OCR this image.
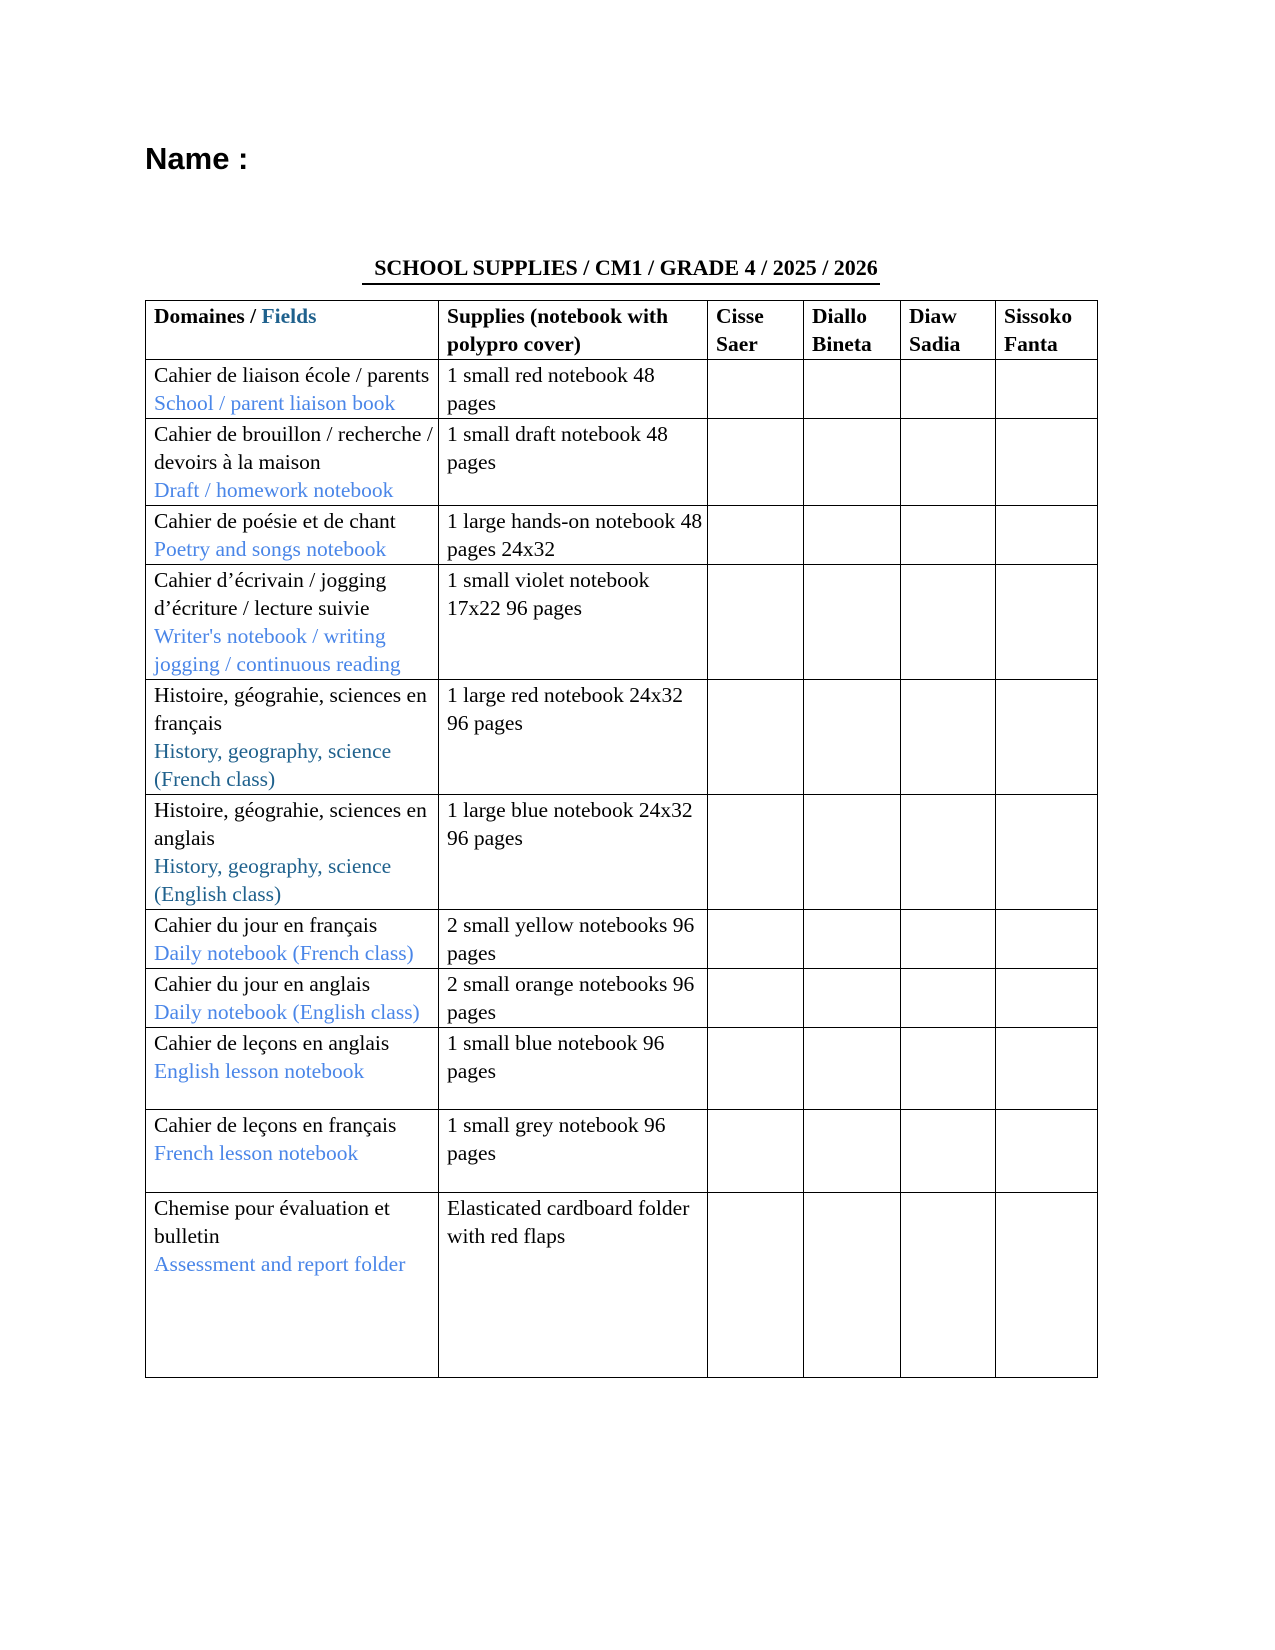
Name :
SCHOOL SUPPLIES / CM1 / GRADE 4 / 2025 / 2026
Domaines / Fields	Supplies (notebook with polypro cover)	Cisse Saer	Diallo Bineta	Diaw Sadia	Sissoko Fanta

Cahier de liaison école / parents
School / parent liaison book	1 small red notebook 48 pages				

Cahier de brouillon / recherche / devoirs à la maison
Draft / homework notebook	1 small draft notebook 48 pages				

Cahier de poésie et de chant
Poetry and songs notebook	1 large hands-on notebook 48 pages 24x32				

Cahier d’écrivain / jogging d’écriture / lecture suivie
Writer's notebook / writing jogging / continuous reading	1 small violet notebook 17x22 96 pages				

Histoire, géograhie, sciences en français
History, geography, science (French class)	1 large red notebook 24x32 96 pages				

Histoire, géograhie, sciences en anglais
History, geography, science (English class)	1 large blue notebook 24x32 96 pages				

Cahier du jour en français
Daily notebook (French class)	2 small yellow notebooks 96 pages				

Cahier du jour en anglais
Daily notebook (English class)	2 small orange notebooks 96 pages				

Cahier de leçons en anglais
English lesson notebook	1 small blue notebook 96 pages				

Cahier de leçons en français
French lesson notebook	1 small grey notebook 96 pages				

Chemise pour évaluation et bulletin
Assessment and report folder	Elasticated cardboard folder with red flaps				
